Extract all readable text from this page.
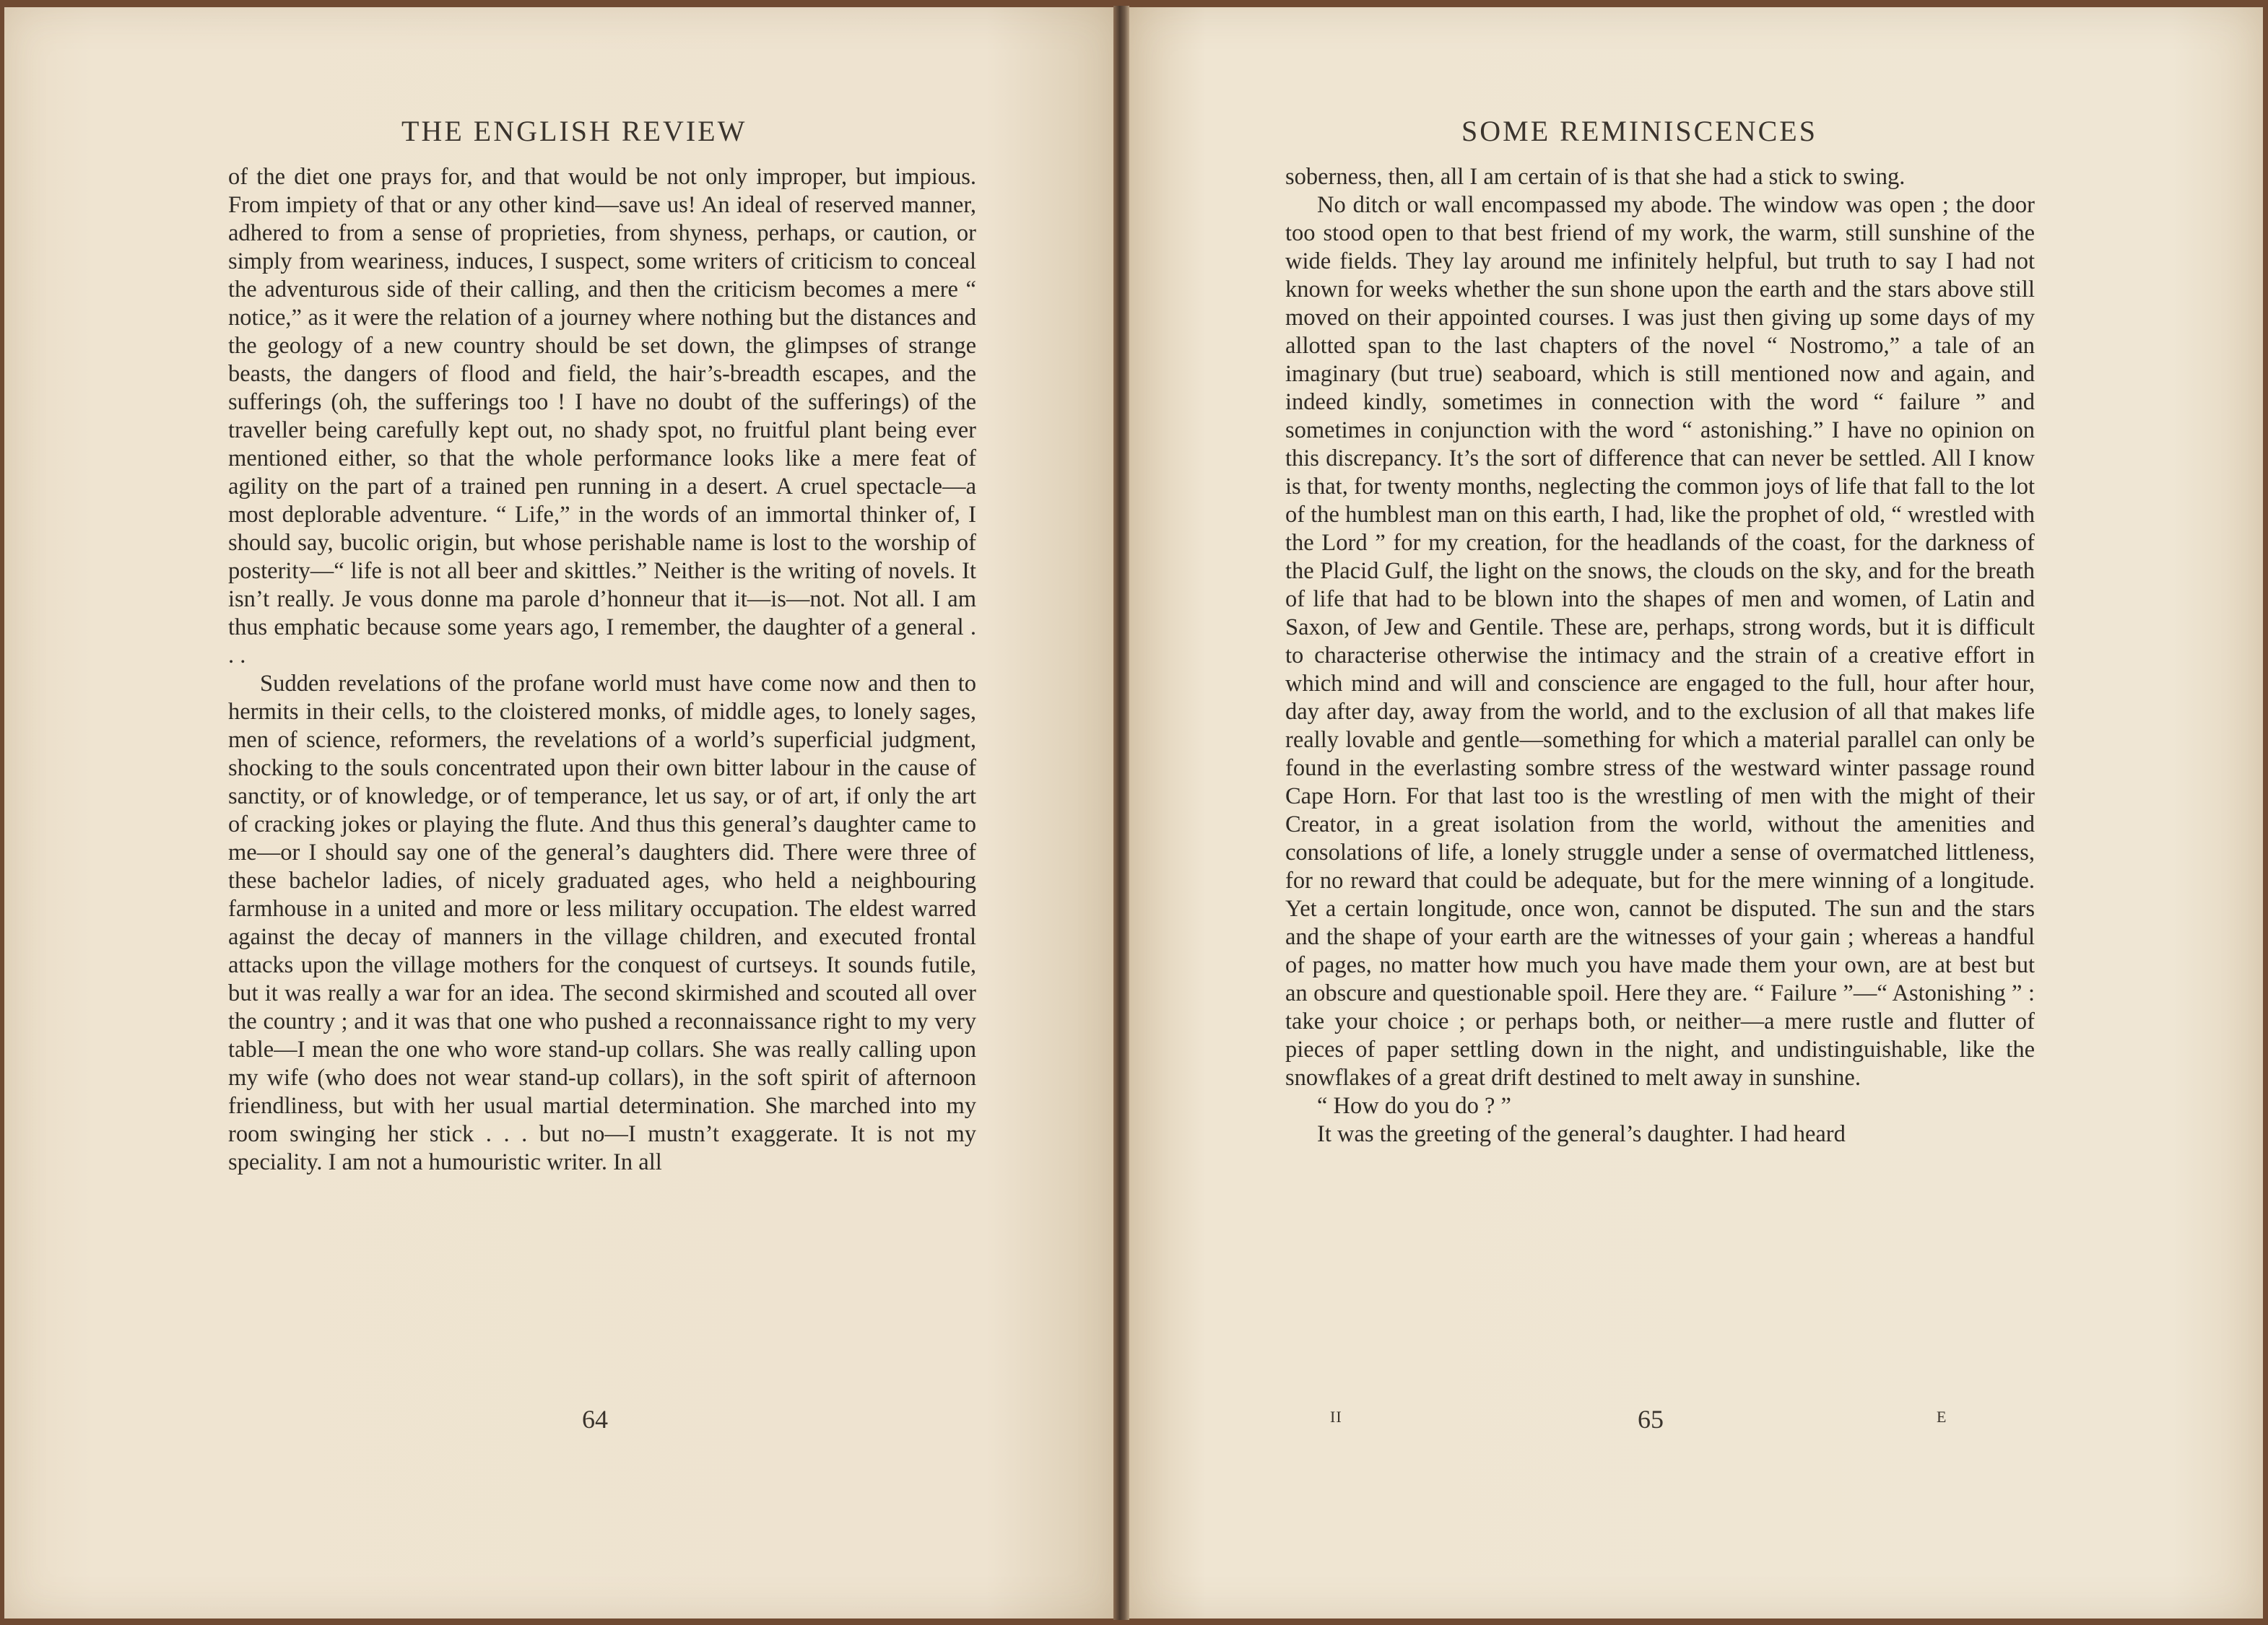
THE ENGLISH REVIEW

of the diet one prays for, and that would be not only improper, but impious. From impiety of that or any other kind—save us! An ideal of reserved manner, adhered to from a sense of proprieties, from shyness, perhaps, or caution, or simply from weariness, induces, I suspect, some writers of criticism to conceal the adventurous side of their calling, and then the criticism becomes a mere “ notice,” as it were the relation of a journey where nothing but the distances and the geology of a new country should be set down, the glimpses of strange beasts, the dangers of flood and field, the hair’s-breadth escapes, and the sufferings (oh, the sufferings too ! I have no doubt of the sufferings) of the traveller being carefully kept out, no shady spot, no fruitful plant being ever mentioned either, so that the whole performance looks like a mere feat of agility on the part of a trained pen running in a desert. A cruel spectacle—a most deplorable adventure. “ Life,” in the words of an immortal thinker of, I should say, bucolic origin, but whose perishable name is lost to the worship of posterity—“ life is not all beer and skittles.” Neither is the writing of novels. It isn’t really. Je vous donne ma parole d’honneur that it—is—not. Not all. I am thus emphatic because some years ago, I remember, the daughter of a general . . .

Sudden revelations of the profane world must have come now and then to hermits in their cells, to the cloistered monks, of middle ages, to lonely sages, men of science, reformers, the revelations of a world’s superficial judgment, shocking to the souls concentrated upon their own bitter labour in the cause of sanctity, or of knowledge, or of temperance, let us say, or of art, if only the art of cracking jokes or playing the flute. And thus this general’s daughter came to me—or I should say one of the general’s daughters did. There were three of these bachelor ladies, of nicely graduated ages, who held a neighbouring farmhouse in a united and more or less military occupation. The eldest warred against the decay of manners in the village children, and executed frontal attacks upon the village mothers for the conquest of curtseys. It sounds futile, but it was really a war for an idea. The second skirmished and scouted all over the country ; and it was that one who pushed a reconnaissance right to my very table—I mean the one who wore stand-up collars. She was really calling upon my wife (who does not wear stand-up collars), in the soft spirit of afternoon friendliness, but with her usual martial determination. She marched into my room swinging her stick . . . but no—I mustn’t exaggerate. It is not my speciality. I am not a humouristic writer. In all

64
SOME REMINISCENCES

soberness, then, all I am certain of is that she had a stick to swing.

No ditch or wall encompassed my abode. The window was open ; the door too stood open to that best friend of my work, the warm, still sunshine of the wide fields. They lay around me infinitely helpful, but truth to say I had not known for weeks whether the sun shone upon the earth and the stars above still moved on their appointed courses. I was just then giving up some days of my allotted span to the last chapters of the novel “ Nostromo,” a tale of an imaginary (but true) seaboard, which is still mentioned now and again, and indeed kindly, sometimes in connection with the word “ failure ” and sometimes in conjunction with the word “ astonishing.” I have no opinion on this discrepancy. It’s the sort of difference that can never be settled. All I know is that, for twenty months, neglecting the common joys of life that fall to the lot of the humblest man on this earth, I had, like the prophet of old, “ wrestled with the Lord ” for my creation, for the headlands of the coast, for the darkness of the Placid Gulf, the light on the snows, the clouds on the sky, and for the breath of life that had to be blown into the shapes of men and women, of Latin and Saxon, of Jew and Gentile. These are, perhaps, strong words, but it is difficult to characterise otherwise the intimacy and the strain of a creative effort in which mind and will and conscience are engaged to the full, hour after hour, day after day, away from the world, and to the exclusion of all that makes life really lovable and gentle—something for which a material parallel can only be found in the everlasting sombre stress of the westward winter passage round Cape Horn. For that last too is the wrestling of men with the might of their Creator, in a great isolation from the world, without the amenities and consolations of life, a lonely struggle under a sense of overmatched littleness, for no reward that could be adequate, but for the mere winning of a longitude. Yet a certain longitude, once won, cannot be disputed. The sun and the stars and the shape of your earth are the witnesses of your gain ; whereas a handful of pages, no matter how much you have made them your own, are at best but an obscure and questionable spoil. Here they are. “ Failure ”—“ Astonishing ” : take your choice ; or perhaps both, or neither—a mere rustle and flutter of pieces of paper settling down in the night, and undistinguishable, like the snowflakes of a great drift destined to melt away in sunshine.

“ How do you do ? ”

It was the greeting of the general’s daughter. I had heard

II	65	E
